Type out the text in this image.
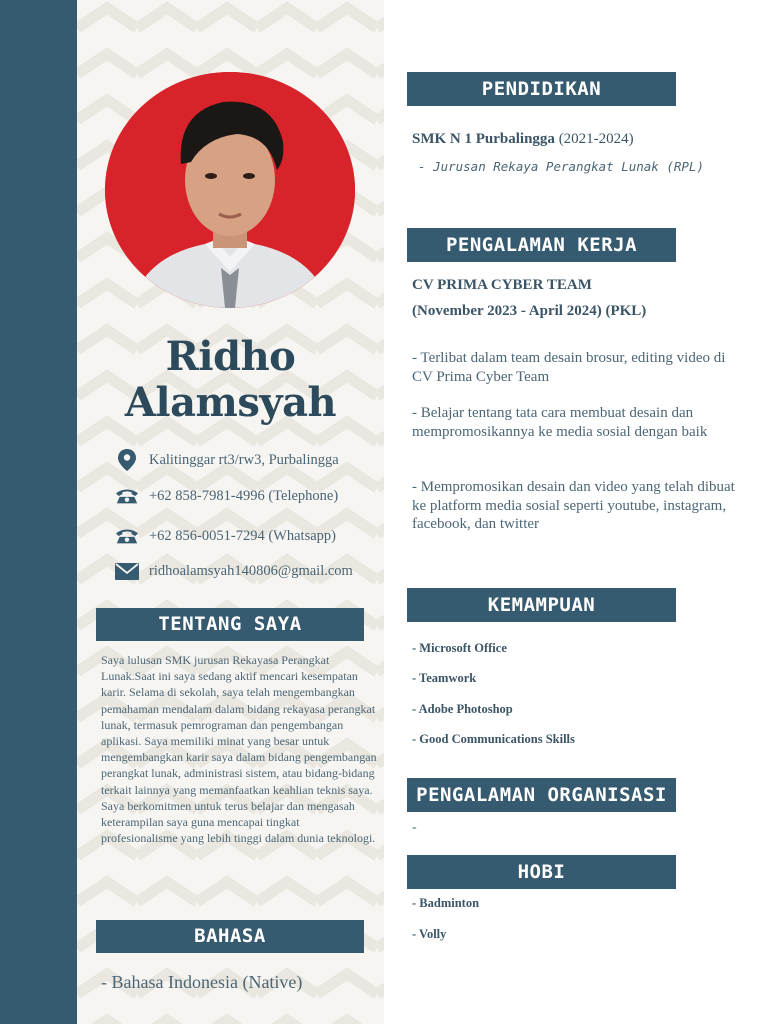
Ridho
Alamsyah
Kalitinggar rt3/rw3, Purbalingga
+62 858-7981-4996 (Telephone)
+62 856-0051-7294 (Whatsapp)
ridhoalamsyah140806@gmail.com
TENTANG SAYA

Saya lulusan SMK jurusan Rekayasa Perangkat Lunak.Saat ini saya sedang aktif mencari kesempatan karir. Selama di sekolah, saya telah mengembangkan pemahaman mendalam dalam bidang rekayasa perangkat lunak, termasuk pemrograman dan pengembangan aplikasi. Saya memiliki minat yang besar untuk mengembangkan karir saya dalam bidang pengembangan perangkat lunak, administrasi sistem, atau bidang-bidang terkait lainnya yang memanfaatkan keahlian teknis saya. Saya berkomitmen untuk terus belajar dan mengasah keterampilan saya guna mencapai tingkat profesionalisme yang lebih tinggi dalam dunia teknologi.

BAHASA
- Bahasa Indonesia (Native)
PENDIDIKAN
SMK N 1 Purbalingga (2021-2024)
- Jurusan Rekaya Perangkat Lunak (RPL)
PENGALAMAN KERJA
CV PRIMA CYBER TEAM
(November 2023 - April 2024) (PKL)
- Terlibat dalam team desain brosur, editing video di CV Prima Cyber Team
- Belajar tentang tata cara membuat desain dan mempromosikannya ke media sosial dengan baik
- Mempromosikan desain dan video yang telah dibuat ke platform media sosial seperti youtube, instagram, facebook, dan twitter
KEMAMPUAN
- Microsoft Office
- Teamwork
- Adobe Photoshop
- Good Communications Skills
PENGALAMAN ORGANISASI
-
HOBI
- Badminton
- Volly
